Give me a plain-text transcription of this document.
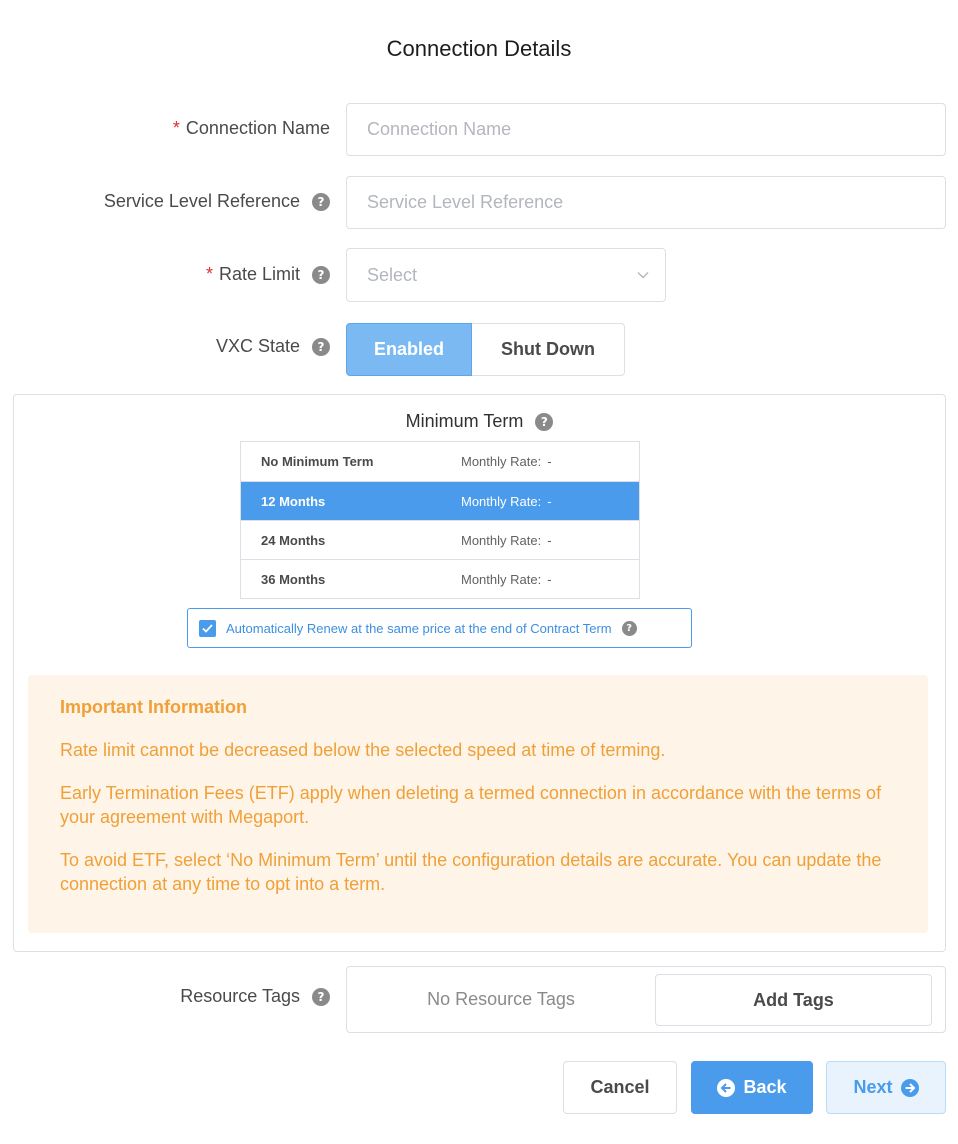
Connection Details
* Connection Name
Connection Name
Service Level Reference	?
Service Level Reference
* Rate Limit	?	Select
VXC State	?	Enabled	Shut Down
Minimum Term	?
No Minimum Term	Monthly Rate: -
12 Months	Monthly Rate: -
24 Months	Monthly Rate: -
36 Months	Monthly Rate: -
Automatically Renew at the same price at the end of Contract Term	?
Important Information

Rate limit cannot be decreased below the selected speed at time of terming.

Early Termination Fees (ETF) apply when deleting a termed connection in accordance with the terms of your agreement with Megaport.

To avoid ETF, select ‘No Minimum Term’ until the configuration details are accurate. You can update the connection at any time to opt into a term.

Resource Tags	?	No Resource Tags	Add Tags
Cancel	Back	Next
